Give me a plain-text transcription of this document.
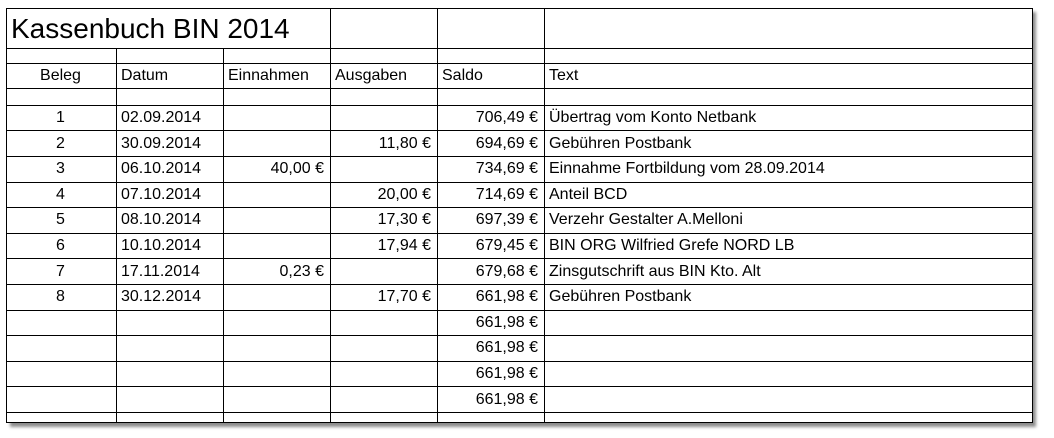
Kassenbuch BIN 2014					

Beleg	Datum	Einnahmen	Ausgaben	Saldo	Text

1	02.09.2014			706,49 €	Übertrag vom Konto Netbank
2	30.09.2014		11,80 €	694,69 €	Gebühren Postbank
3	06.10.2014	40,00 €		734,69 €	Einnahme Fortbildung vom 28.09.2014
4	07.10.2014		20,00 €	714,69 €	Anteil BCD
5	08.10.2014		17,30 €	697,39 €	Verzehr Gestalter A.Melloni
6	10.10.2014		17,94 €	679,45 €	BIN ORG Wilfried Grefe NORD LB
7	17.11.2014	0,23 €		679,68 €	Zinsgutschrift aus BIN Kto. Alt
8	30.12.2014		17,70 €	661,98 €	Gebühren Postbank
				661,98 €	
				661,98 €	
				661,98 €	
				661,98 €	
